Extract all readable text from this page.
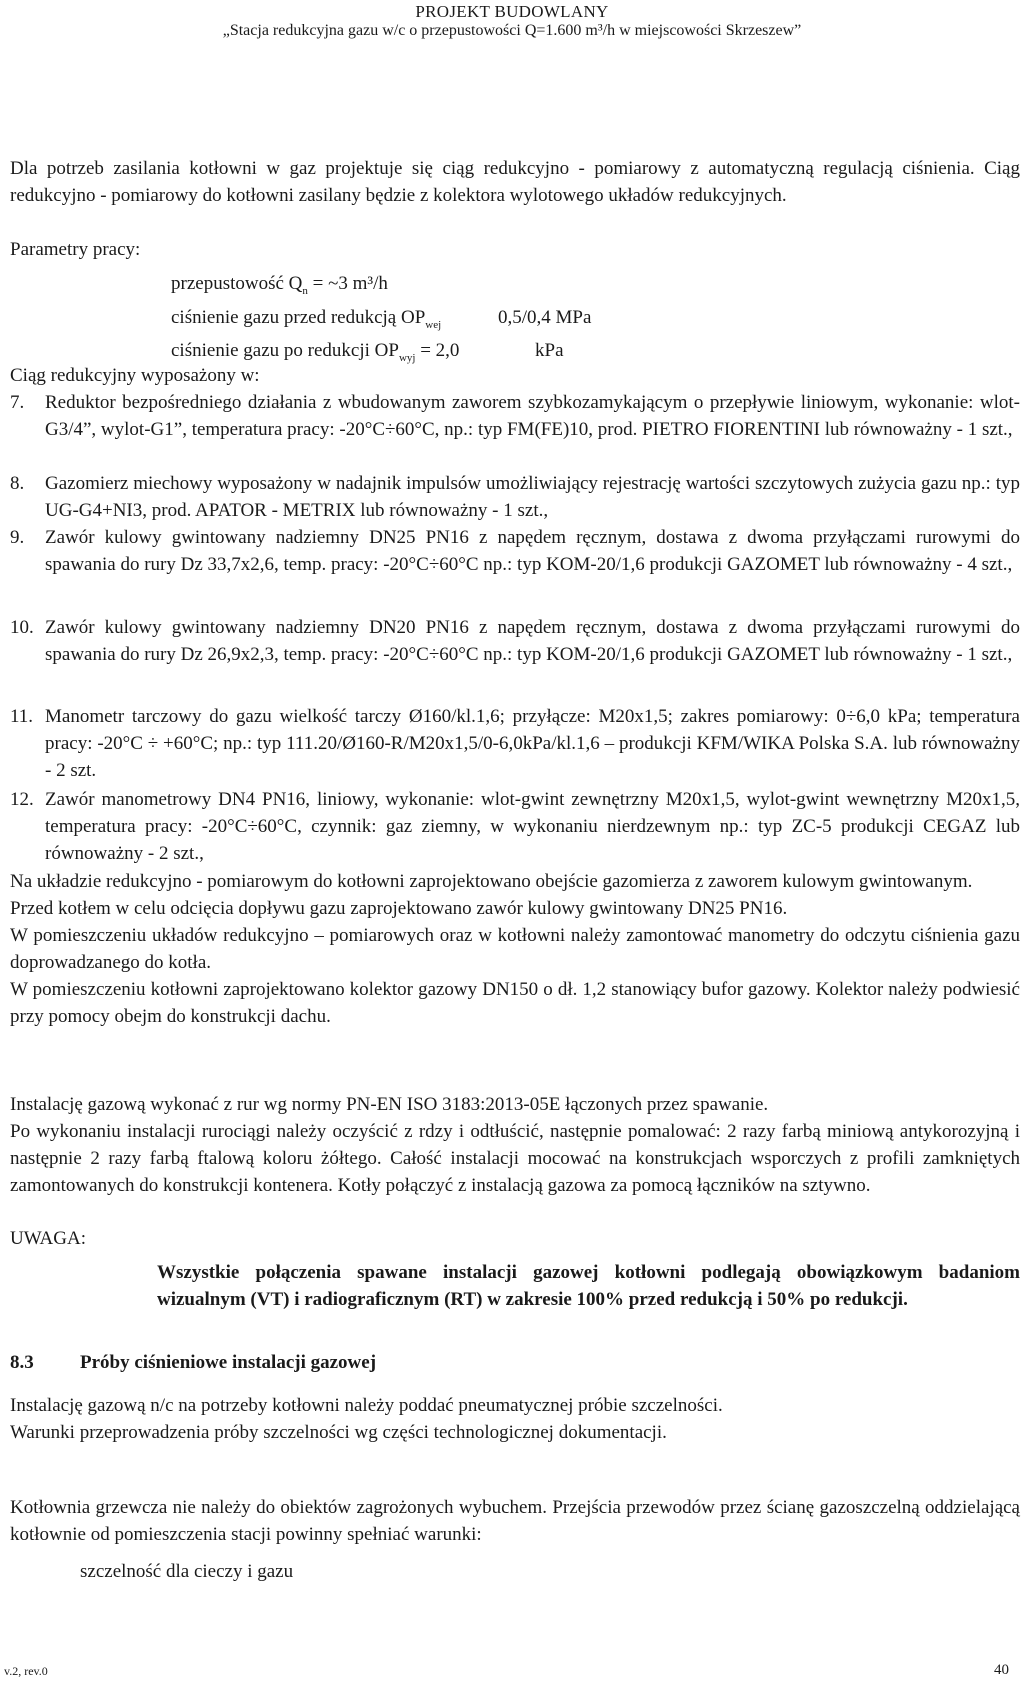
PROJEKT BUDOWLANY
„Stacja redukcyjna gazu w/c o przepustowości Q=1.600 m³/h w miejscowości Skrzeszew”

Dla potrzeb zasilania kotłowni w gaz projektuje się ciąg redukcyjno - pomiarowy z automatyczną regulacją ciśnienia. Ciąg redukcyjno - pomiarowy do kotłowni zasilany będzie z kolektora wylotowego układów redukcyjnych.

Parametry pracy:
przepustowość $Q_n$ = ~3 m³/h
ciśnienie gazu przed redukcją $OP_{wej}$	0,5/0,4 MPa
ciśnienie gazu po redukcji $OP_{wyj} = 2,0$	kPa
Ciąg redukcyjny wyposażony w:
7. Reduktor bezpośredniego działania z wbudowanym zaworem szybkozamykającym o przepływie liniowym, wykonanie: wlot-G3/4”, wylot-G1”, temperatura pracy: -20°C÷60°C, np.: typ FM(FE)10, prod. PIETRO FIORENTINI lub równoważny - 1 szt.,
8. Gazomierz miechowy wyposażony w nadajnik impulsów umożliwiający rejestrację wartości szczytowych zużycia gazu np.: typ UG-G4+NI3, prod. APATOR - METRIX lub równoważny - 1 szt.,
9. Zawór kulowy gwintowany nadziemny DN25 PN16 z napędem ręcznym, dostawa z dwoma przyłączami rurowymi do spawania do rury Dz 33,7x2,6, temp. pracy: -20°C÷60°C np.: typ KOM-20/1,6 produkcji GAZOMET lub równoważny - 4 szt.,
10. Zawór kulowy gwintowany nadziemny DN20 PN16 z napędem ręcznym, dostawa z dwoma przyłączami rurowymi do spawania do rury Dz 26,9x2,3, temp. pracy: -20°C÷60°C np.: typ KOM-20/1,6 produkcji GAZOMET lub równoważny - 1 szt.,
11. Manometr tarczowy do gazu wielkość tarczy Ø160/kl.1,6; przyłącze: M20x1,5; zakres pomiarowy: 0÷6,0 kPa; temperatura pracy: -20°C ÷ +60°C; np.: typ 111.20/Ø160-R/M20x1,5/0-6,0kPa/kl.1,6 – produkcji KFM/WIKA Polska S.A. lub równoważny - 2 szt.
12. Zawór manometrowy DN4 PN16, liniowy, wykonanie: wlot-gwint zewnętrzny M20x1,5, wylot-gwint wewnętrzny M20x1,5, temperatura pracy: -20°C÷60°C, czynnik: gaz ziemny, w wykonaniu nierdzewnym np.: typ ZC-5 produkcji CEGAZ lub równoważny - 2 szt.,

Na układzie redukcyjno - pomiarowym do kotłowni zaprojektowano obejście gazomierza z zaworem kulowym gwintowanym.

Przed kotłem w celu odcięcia dopływu gazu zaprojektowano zawór kulowy gwintowany DN25 PN16.

W pomieszczeniu układów redukcyjno – pomiarowych oraz w kotłowni należy zamontować manometry do odczytu ciśnienia gazu doprowadzanego do kotła.

W pomieszczeniu kotłowni zaprojektowano kolektor gazowy DN150 o dł. 1,2 stanowiący bufor gazowy. Kolektor należy podwiesić przy pomocy obejm do konstrukcji dachu.

Instalację gazową wykonać z rur wg normy PN-EN ISO 3183:2013-05E łączonych przez spawanie.

Po wykonaniu instalacji rurociągi należy oczyścić z rdzy i odtłuścić, następnie pomalować: 2 razy farbą miniową antykorozyjną i następnie 2 razy farbą ftalową koloru żółtego. Całość instalacji mocować na konstrukcjach wsporczych z profili zamkniętych zamontowanych do konstrukcji kontenera. Kotły połączyć z instalacją gazowa za pomocą łączników na sztywno.

UWAGA:
Wszystkie połączenia spawane instalacji gazowej kotłowni podlegają obowiązkowym badaniom wizualnym (VT) i radiograficznym (RT) w zakresie 100% przed redukcją i 50% po redukcji.
8.3 Próby ciśnieniowe instalacji gazowej

Instalację gazową n/c na potrzeby kotłowni należy poddać pneumatycznej próbie szczelności.

Warunki przeprowadzenia próby szczelności wg części technologicznej dokumentacji.

Kotłownia grzewcza nie należy do obiektów zagrożonych wybuchem. Przejścia przewodów przez ścianę gazoszczelną oddzielającą kotłownie od pomieszczenia stacji powinny spełniać warunki:

szczelność dla cieczy i gazu
v.2, rev.0	40
